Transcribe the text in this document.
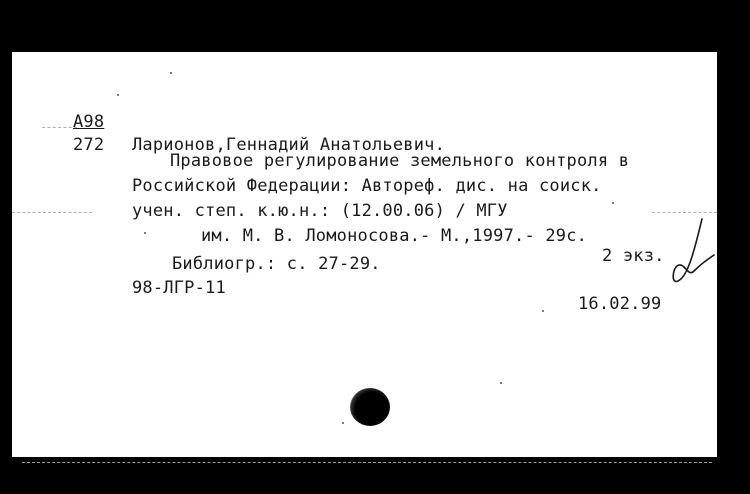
А98
272 Ларионов,Геннадий Анатольевич.
Правовое регулирование земельного контроля в
Российской Федерации: Автореф. дис. на соиск.
учен. степ. к.ю.н.: (12.00.06) / МГУ
им. М. В. Ломоносова.- М.,1997.- 29с.
Библиогр.: с. 27-29.	2 экз.
98-ЛГР-11
16.02.99
